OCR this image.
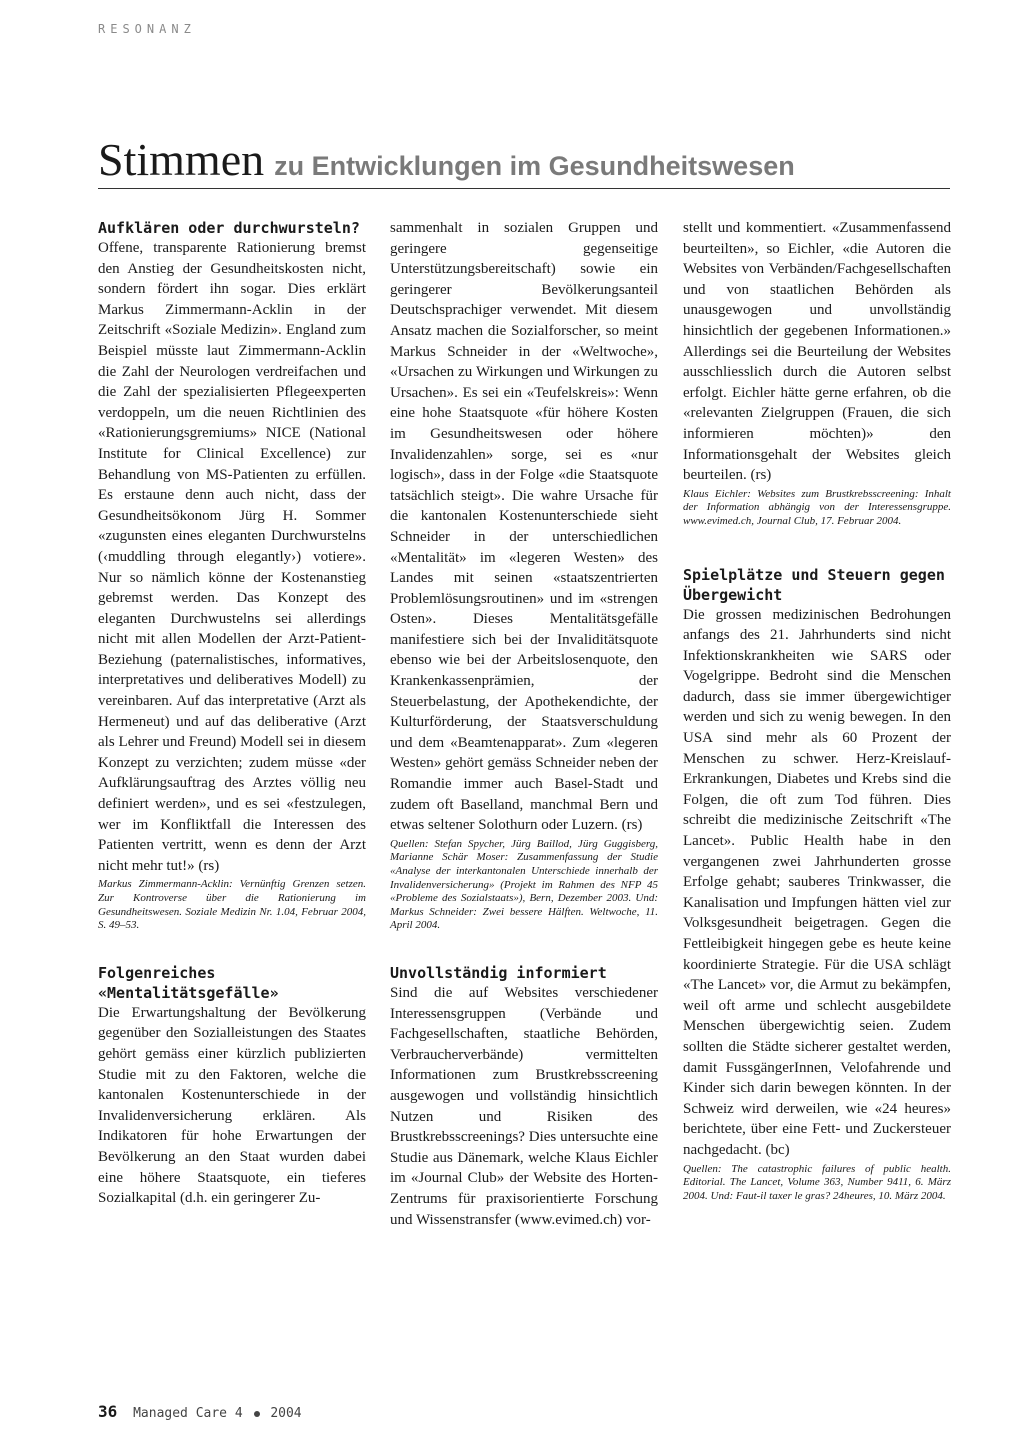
RESONANZ
Stimmen zu Entwicklungen im Gesundheitswesen
Aufklären oder durchwursteln?
Offene, transparente Rationierung bremst den Anstieg der Gesundheitskosten nicht, sondern fördert ihn sogar. Dies erklärt Markus Zimmermann-Acklin in der Zeitschrift «Soziale Medizin». England zum Beispiel müsste laut Zimmermann-Acklin die Zahl der Neurologen verdreifachen und die Zahl der spezialisierten Pflegeexperten verdoppeln, um die neuen Richtlinien des «Rationierungsgremiums» NICE (National Institute for Clinical Excellence) zur Behandlung von MS-Patienten zu erfüllen. Es erstaune denn auch nicht, dass der Gesundheitsökonom Jürg H. Sommer «zugunsten eines eleganten Durchwurstelns (‹muddling through elegantly›) votiere». Nur so nämlich könne der Kostenanstieg gebremst werden. Das Konzept des eleganten Durchwustelns sei allerdings nicht mit allen Modellen der Arzt-Patient-Beziehung (paternalistisches, informatives, interpretatives und deliberatives Modell) zu vereinbaren. Auf das interpretative (Arzt als Hermeneut) und auf das deliberative (Arzt als Lehrer und Freund) Modell sei in diesem Konzept zu verzichten; zudem müsse «der Aufklärungsauftrag des Arztes völlig neu definiert werden», und es sei «festzulegen, wer im Konfliktfall die Interessen des Patienten vertritt, wenn es denn der Arzt nicht mehr tut!» (rs)
Markus Zimmermann-Acklin: Vernünftig Grenzen setzen. Zur Kontroverse über die Rationierung im Gesundheitswesen. Soziale Medizin Nr. 1.04, Februar 2004, S. 49–53.
Folgenreiches «Mentalitätsgefälle»
Die Erwartungshaltung der Bevölkerung gegenüber den Sozialleistungen des Staates gehört gemäss einer kürzlich publizierten Studie mit zu den Faktoren, welche die kantonalen Kostenunterschiede in der Invalidenversicherung erklären. Als Indikatoren für hohe Erwartungen der Bevölkerung an den Staat wurden dabei eine höhere Staatsquote, ein tieferes Sozialkapital (d.h. ein geringerer Zu-
sammenhalt in sozialen Gruppen und geringere gegenseitige Unterstützungsbereitschaft) sowie ein geringerer Bevölkerungsanteil Deutschsprachiger verwendet. Mit diesem Ansatz machen die Sozialforscher, so meint Markus Schneider in der «Weltwoche», «Ursachen zu Wirkungen und Wirkungen zu Ursachen». Es sei ein «Teufelskreis»: Wenn eine hohe Staatsquote «für höhere Kosten im Gesundheitswesen oder höhere Invalidenzahlen» sorge, sei es «nur logisch», dass in der Folge «die Staatsquote tatsächlich steigt». Die wahre Ursache für die kantonalen Kostenunterschiede sieht Schneider in der unterschiedlichen «Mentalität» im «legeren Westen» des Landes mit seinen «staatszentrierten Problemlösungsroutinen» und im «strengen Osten». Dieses Mentalitätsgefälle manifestiere sich bei der Invaliditätsquote ebenso wie bei der Arbeitslosenquote, den Krankenkassenprämien, der Steuerbelastung, der Apothekendichte, der Kulturförderung, der Staatsverschuldung und dem «Beamtenapparat». Zum «legeren Westen» gehört gemäss Schneider neben der Romandie immer auch Basel-Stadt und zudem oft Baselland, manchmal Bern und etwas seltener Solothurn oder Luzern. (rs)
Quellen: Stefan Spycher, Jürg Baillod, Jürg Guggisberg, Marianne Schär Moser: Zusammenfassung der Studie «Analyse der interkantonalen Unterschiede innerhalb der Invalidenversicherung» (Projekt im Rahmen des NFP 45 «Probleme des Sozialstaats»), Bern, Dezember 2003. Und: Markus Schneider: Zwei bessere Hälften. Weltwoche, 11. April 2004.
Unvollständig informiert
Sind die auf Websites verschiedener Interessensgruppen (Verbände und Fachgesellschaften, staatliche Behörden, Verbraucherverbände) vermittelten Informationen zum Brustkrebsscreening ausgewogen und vollständig hinsichtlich Nutzen und Risiken des Brustkrebsscreenings? Dies untersuchte eine Studie aus Dänemark, welche Klaus Eichler im «Journal Club» der Website des Horten-Zentrums für praxisorientierte Forschung und Wissenstransfer (www.evimed.ch) vor-
stellt und kommentiert. «Zusammenfassend beurteilten», so Eichler, «die Autoren die Websites von Verbänden/Fachgesellschaften und von staatlichen Behörden als unausgewogen und unvollständig hinsichtlich der gegebenen Informationen.» Allerdings sei die Beurteilung der Websites ausschliesslich durch die Autoren selbst erfolgt. Eichler hätte gerne erfahren, ob die «relevanten Zielgruppen (Frauen, die sich informieren möchten)» den Informationsgehalt der Websites gleich beurteilen. (rs)
Klaus Eichler: Websites zum Brustkrebsscreening: Inhalt der Information abhängig von der Interessensgruppe. www.evimed.ch, Journal Club, 17. Februar 2004.
Spielplätze und Steuern gegen Übergewicht
Die grossen medizinischen Bedrohungen anfangs des 21. Jahrhunderts sind nicht Infektionskrankheiten wie SARS oder Vogelgrippe. Bedroht sind die Menschen dadurch, dass sie immer übergewichtiger werden und sich zu wenig bewegen. In den USA sind mehr als 60 Prozent der Menschen zu schwer. Herz-Kreislauf-Erkrankungen, Diabetes und Krebs sind die Folgen, die oft zum Tod führen. Dies schreibt die medizinische Zeitschrift «The Lancet». Public Health habe in den vergangenen zwei Jahrhunderten grosse Erfolge gehabt; sauberes Trinkwasser, die Kanalisation und Impfungen hätten viel zur Volksgesundheit beigetragen. Gegen die Fettleibigkeit hingegen gebe es heute keine koordinierte Strategie. Für die USA schlägt «The Lancet» vor, die Armut zu bekämpfen, weil oft arme und schlecht ausgebildete Menschen übergewichtig seien. Zudem sollten die Städte sicherer gestaltet werden, damit FussgängerInnen, Velofahrende und Kinder sich darin bewegen könnten. In der Schweiz wird derweilen, wie «24 heures» berichtete, über eine Fett- und Zuckersteuer nachgedacht. (bc)
Quellen: The catastrophic failures of public health. Editorial. The Lancet, Volume 363, Number 9411, 6. März 2004. Und: Faut-il taxer le gras? 24heures, 10. März 2004.
36 Managed Care 4 2004
